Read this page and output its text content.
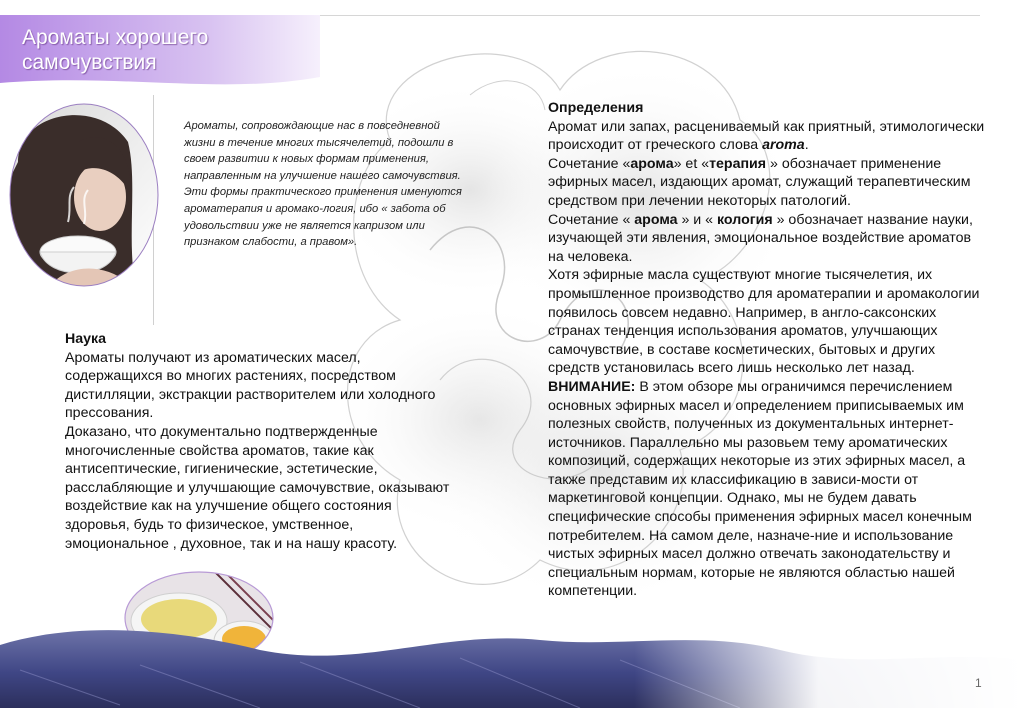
Ароматы хорошего
самочувствия
Ароматы, сопровождающие нас в повседневной жизни в течение многих тысячелетий, подошли в своем развитии к новых формам применения, направленным на улучшение нашего самочувствия. Эти формы практического применения именуются ароматерапия и аромако-логия, ибо « забота об удовольствии уже не является капризом или признаком слабости, а правом».
Наука
Ароматы получают из ароматических масел, содержащихся во многих растениях, посредством дистилляции, экстракции растворителем или холодного прессования.
Доказано, что документально подтвержденные многочисленные свойства ароматов, такие как антисептические, гигиенические, эстетические, расслабляющие и улучшающие самочувствие, оказывают воздействие как на улучшение общего состояния здоровья, будь то физическое, умственное, эмоциональное , духовное, так и на нашу красоту.
Определения
Аромат или запах, расцениваемый как приятный, этимологически происходит от греческого слова aroma.
Сочетание «арома» et «терапия » обозначает применение эфирных масел, издающих аромат, служащий терапевтическим средством при лечении некоторых патологий.
Сочетание « арома » и « кология » обозначает название науки, изучающей эти явления, эмоциональное воздействие ароматов на человека.
Хотя эфирные масла существуют многие тысячелетия, их промышленное производство для ароматерапии и аромакологии появилось совсем недавно. Например, в англо-саксонских странах тенденция использования ароматов, улучшающих самочувствие, в составе косметических, бытовых и других средств установилась всего лишь несколько лет назад.
ВНИМАНИЕ: В этом обзоре мы ограничимся перечислением основных эфирных масел и определением приписываемых им полезных свойств, полученных из документальных интернет-источников. Параллельно мы разовьем тему ароматических композиций, содержащих некоторые из этих эфирных масел, а также представим их классификацию в зависи-мости от маркетинговой концепции. Однако, мы не будем давать специфические способы применения эфирных масел конечным потребителем. На самом деле, назначе-ние и использование чистых эфирных масел должно отвечать законодательству и специальным нормам, которые не являются областью нашей компетенции.
1
